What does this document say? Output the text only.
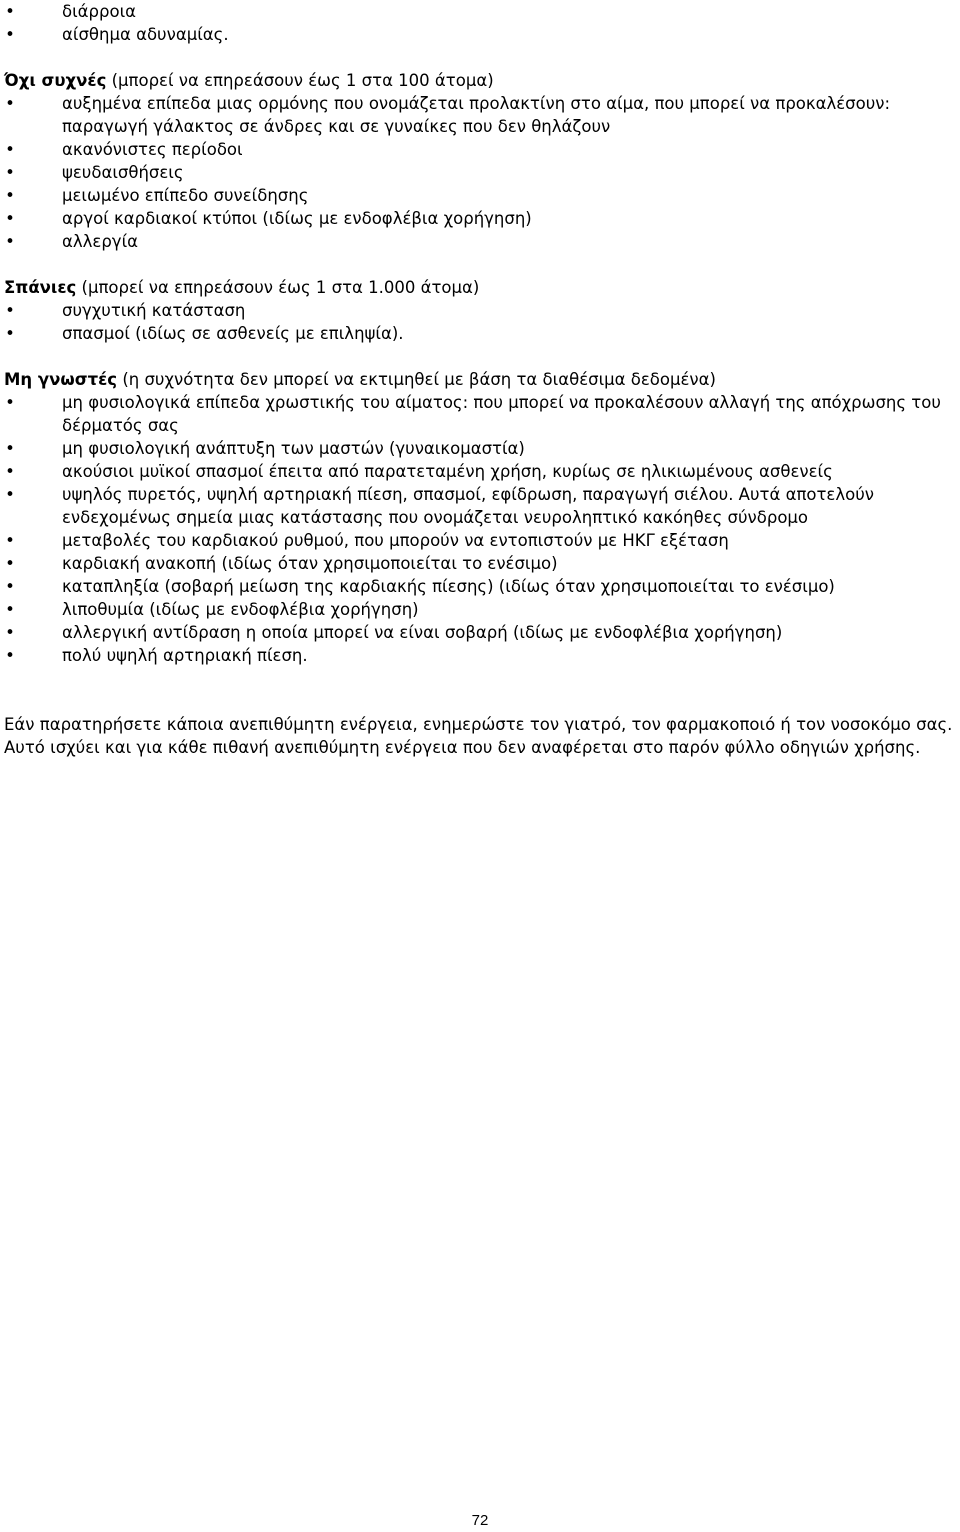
•	διάρροια
•	αίσθημα αδυναμίας.
Όχι συχνές (μπορεί να επηρεάσουν έως 1 στα 100 άτομα)
•	αυξημένα επίπεδα μιας ορμόνης που ονομάζεται προλακτίνη στο αίμα, που μπορεί να προκαλέσουν: παραγωγή γάλακτος σε άνδρες και σε γυναίκες που δεν θηλάζουν
•	ακανόνιστες περίοδοι
•	ψευδαισθήσεις
•	μειωμένο επίπεδο συνείδησης
•	αργοί καρδιακοί κτύποι (ιδίως με ενδοφλέβια χορήγηση)
•	αλλεργία
Σπάνιες (μπορεί να επηρεάσουν έως 1 στα 1.000 άτομα)
•	συγχυτική κατάσταση
•	σπασμοί (ιδίως σε ασθενείς με επιληψία).
Μη γνωστές (η συχνότητα δεν μπορεί να εκτιμηθεί με βάση τα διαθέσιμα δεδομένα)
•	μη φυσιολογικά επίπεδα χρωστικής του αίματος: που μπορεί να προκαλέσουν αλλαγή της απόχρωσης του δέρματός σας
•	μη φυσιολογική ανάπτυξη των μαστών (γυναικομαστία)
•	ακούσιοι μυϊκοί σπασμοί έπειτα από παρατεταμένη χρήση, κυρίως σε ηλικιωμένους ασθενείς
•	υψηλός πυρετός, υψηλή αρτηριακή πίεση, σπασμοί, εφίδρωση, παραγωγή σιέλου. Αυτά αποτελούν ενδεχομένως σημεία μιας κατάστασης που ονομάζεται νευροληπτικό κακόηθες σύνδρομο
•	μεταβολές του καρδιακού ρυθμού, που μπορούν να εντοπιστούν με ΗΚΓ εξέταση
•	καρδιακή ανακοπή (ιδίως όταν χρησιμοποιείται το ενέσιμο)
•	καταπληξία (σοβαρή μείωση της καρδιακής πίεσης) (ιδίως όταν χρησιμοποιείται το ενέσιμο)
•	λιποθυμία (ιδίως με ενδοφλέβια χορήγηση)
•	αλλεργική αντίδραση η οποία μπορεί να είναι σοβαρή (ιδίως με ενδοφλέβια χορήγηση)
•	πολύ υψηλή αρτηριακή πίεση.

Εάν παρατηρήσετε κάποια ανεπιθύμητη ενέργεια, ενημερώστε τον γιατρό, τον φαρμακοποιό ή τον νοσοκόμο σας. Αυτό ισχύει και για κάθε πιθανή ανεπιθύμητη ενέργεια που δεν αναφέρεται στο παρόν φύλλο οδηγιών χρήσης.

72
